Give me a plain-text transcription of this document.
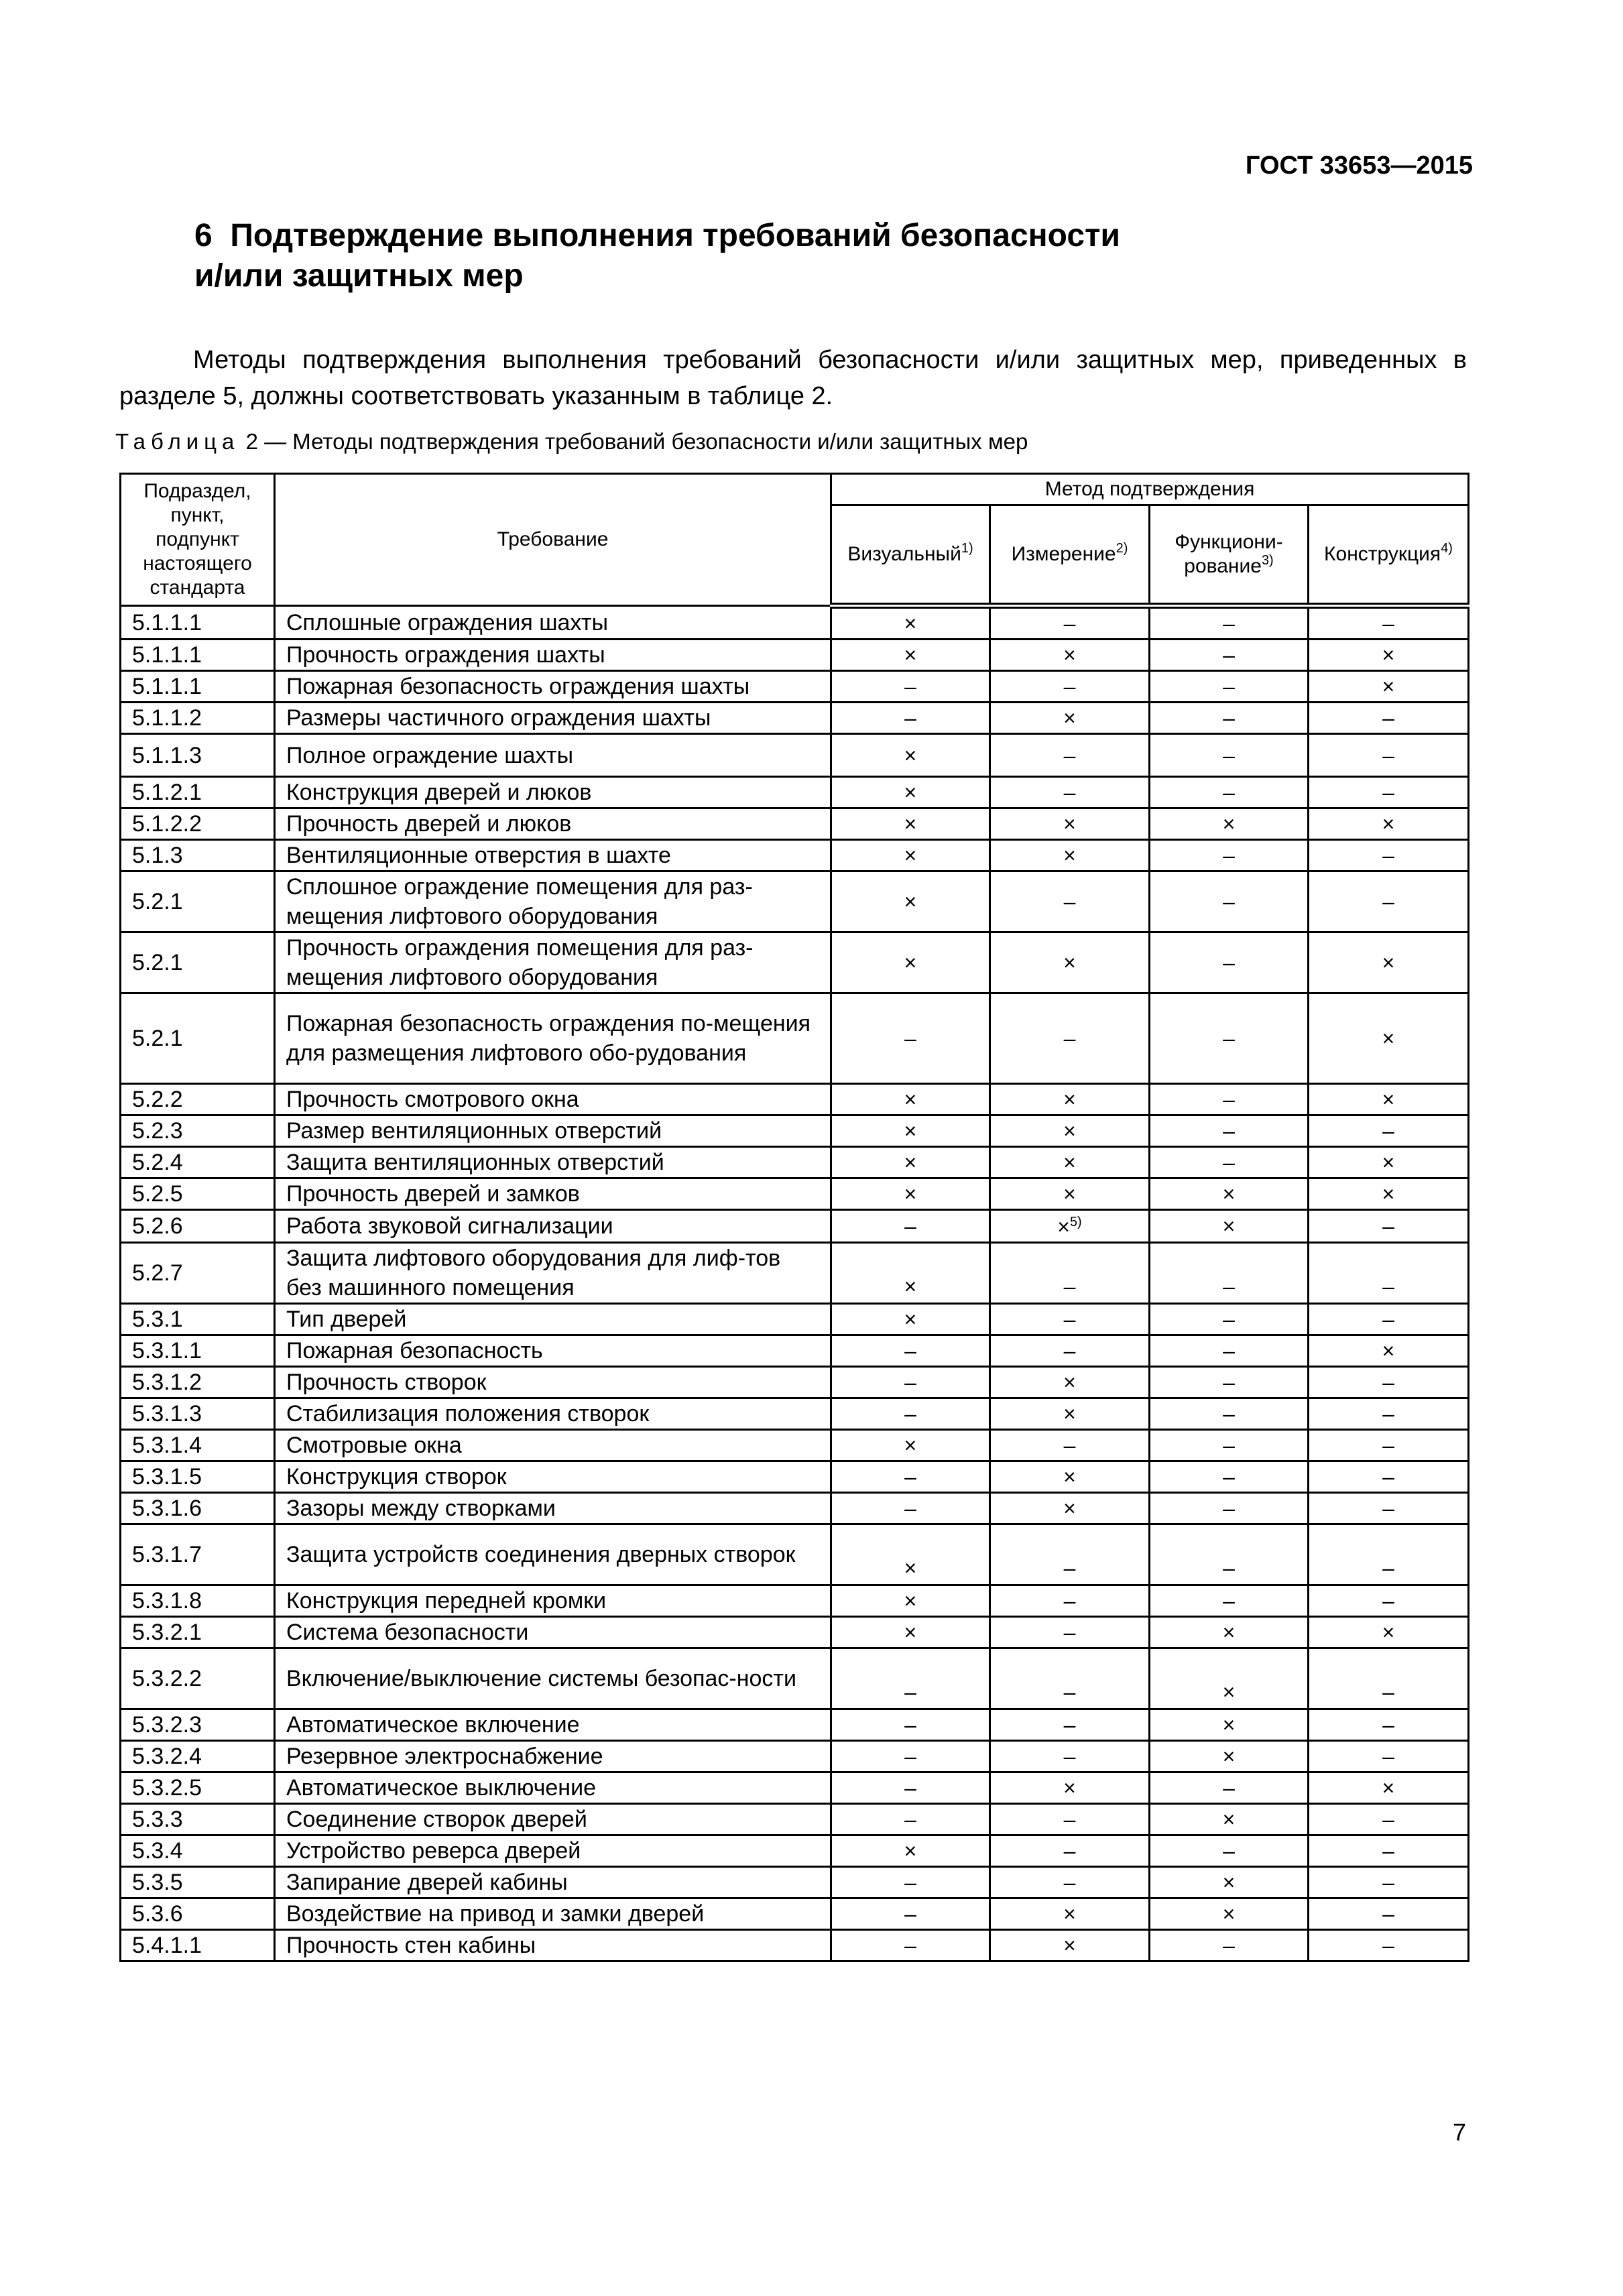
ГОСТ 33653—2015
6 Подтверждение выполнения требований безопасности
и/или защитных мер
Методы подтверждения выполнения требований безопасности и/или защитных мер, приведенных в разделе 5, должны соответствовать указанным в таблице 2.
Таблица 2 — Методы подтверждения требований безопасности и/или защитных мер
Подраздел, пункт, подпункт настоящего стандарта	Требование	Метод подтверждения			
		Визуальный$^{1)}$	Измерение$^{2)}$	Функциони-рование$^{3)}$	Конструкция$^{4)}$
5.1.1.1	Сплошные ограждения шахты	×	–	–	–
5.1.1.1	Прочность ограждения шахты	×	×	–	×
5.1.1.1	Пожарная безопасность ограждения шахты	–	–	–	×
5.1.1.2	Размеры частичного ограждения шахты	–	×	–	–
5.1.1.3	Полное ограждение шахты	×	–	–	–
5.1.2.1	Конструкция дверей и люков	×	–	–	–
5.1.2.2	Прочность дверей и люков	×	×	×	×
5.1.3	Вентиляционные отверстия в шахте	×	×	–	–
5.2.1	Сплошное ограждение помещения для раз-мещения лифтового оборудования	×	–	–	–
5.2.1	Прочность ограждения помещения для раз-мещения лифтового оборудования	×	×	–	×
5.2.1	Пожарная безопасность ограждения по-мещения для размещения лифтового обо-рудования	–	–	–	×
5.2.2	Прочность смотрового окна	×	×	–	×
5.2.3	Размер вентиляционных отверстий	×	×	–	–
5.2.4	Защита вентиляционных отверстий	×	×	–	×
5.2.5	Прочность дверей и замков	×	×	×	×
5.2.6	Работа звуковой сигнализации	–	×$^{5)}$	×	–
5.2.7	Защита лифтового оборудования для лиф-тов без машинного помещения	×	–	–	–
5.3.1	Тип дверей	×	–	–	–
5.3.1.1	Пожарная безопасность	–	–	–	×
5.3.1.2	Прочность створок	–	×	–	–
5.3.1.3	Стабилизация положения створок	–	×	–	–
5.3.1.4	Смотровые окна	×	–	–	–
5.3.1.5	Конструкция створок	–	×	–	–
5.3.1.6	Зазоры между створками	–	×	–	–
5.3.1.7	Защита устройств соединения дверных створок	×	–	–	–
5.3.1.8	Конструкция передней кромки	×	–	–	–
5.3.2.1	Система безопасности	×	–	×	×
5.3.2.2	Включение/выключение системы безопас-ности	–	–	×	–
5.3.2.3	Автоматическое включение	–	–	×	–
5.3.2.4	Резервное электроснабжение	–	–	×	–
5.3.2.5	Автоматическое выключение	–	×	–	×
5.3.3	Соединение створок дверей	–	–	×	–
5.3.4	Устройство реверса дверей	×	–	–	–
5.3.5	Запирание дверей кабины	–	–	×	–
5.3.6	Воздействие на привод и замки дверей	–	×	×	–
5.4.1.1	Прочность стен кабины	–	×	–	–
7
